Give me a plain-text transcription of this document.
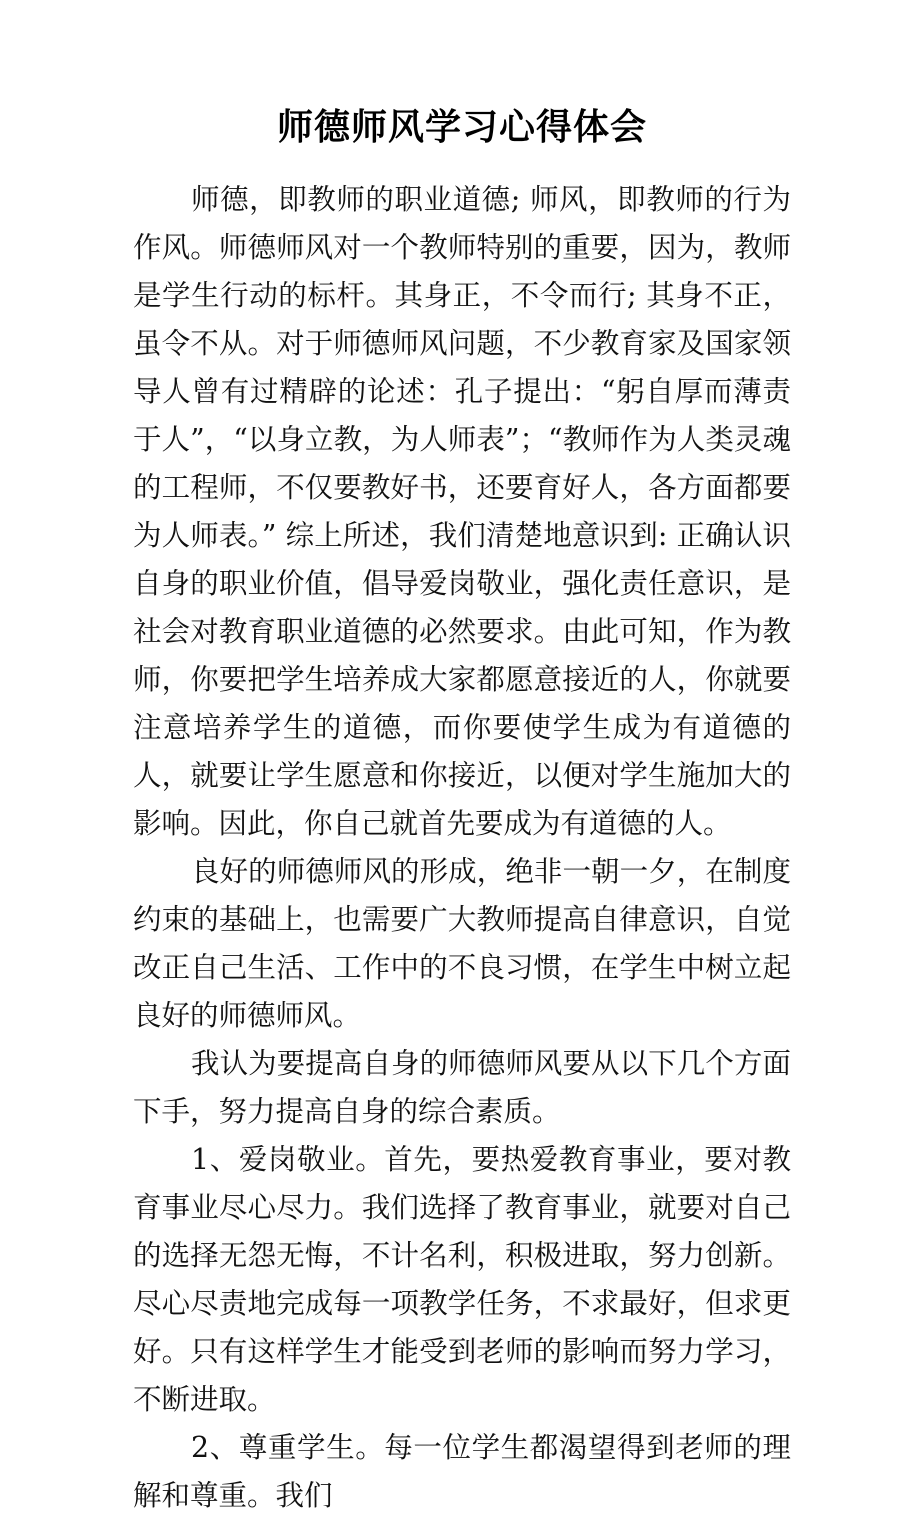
师德师风学习心得体会

师德，即教师的职业道德; 师风，即教师的行为作风。师德师风对一个教师特别的重要，因为，教师是学生行动的标杆。其身正，不令而行; 其身不正，虽令不从。对于师德师风问题，不少教育家及国家领导人曾有过精辟的论述：孔子提出：“躬自厚而薄责于人”，“以身立教，为人师表”；“教师作为人类灵魂的工程师，不仅要教好书，还要育好人，各方面都要为人师表。” 综上所述，我们清楚地意识到: 正确认识自身的职业价值，倡导爱岗敬业，强化责任意识，是社会对教育职业道德的必然要求。由此可知，作为教师，你要把学生培养成大家都愿意接近的人，你就要注意培养学生的道德，而你要使学生成为有道德的人，就要让学生愿意和你接近，以便对学生施加大的影响。因此，你自己就首先要成为有道德的人。

良好的师德师风的形成，绝非一朝一夕，在制度约束的基础上，也需要广大教师提高自律意识，自觉改正自己生活、工作中的不良习惯，在学生中树立起良好的师德师风。

我认为要提高自身的师德师风要从以下几个方面下手，努力提高自身的综合素质。

1、爱岗敬业。首先，要热爱教育事业，要对教育事业尽心尽力。我们选择了教育事业，就要对自己的选择无怨无悔，不计名利，积极进取，努力创新。尽心尽责地完成每一项教学任务，不求最好，但求更好。只有这样学生才能受到老师的影响而努力学习，不断进取。

2、尊重学生。每一位学生都渴望得到老师的理解和尊重。我们
